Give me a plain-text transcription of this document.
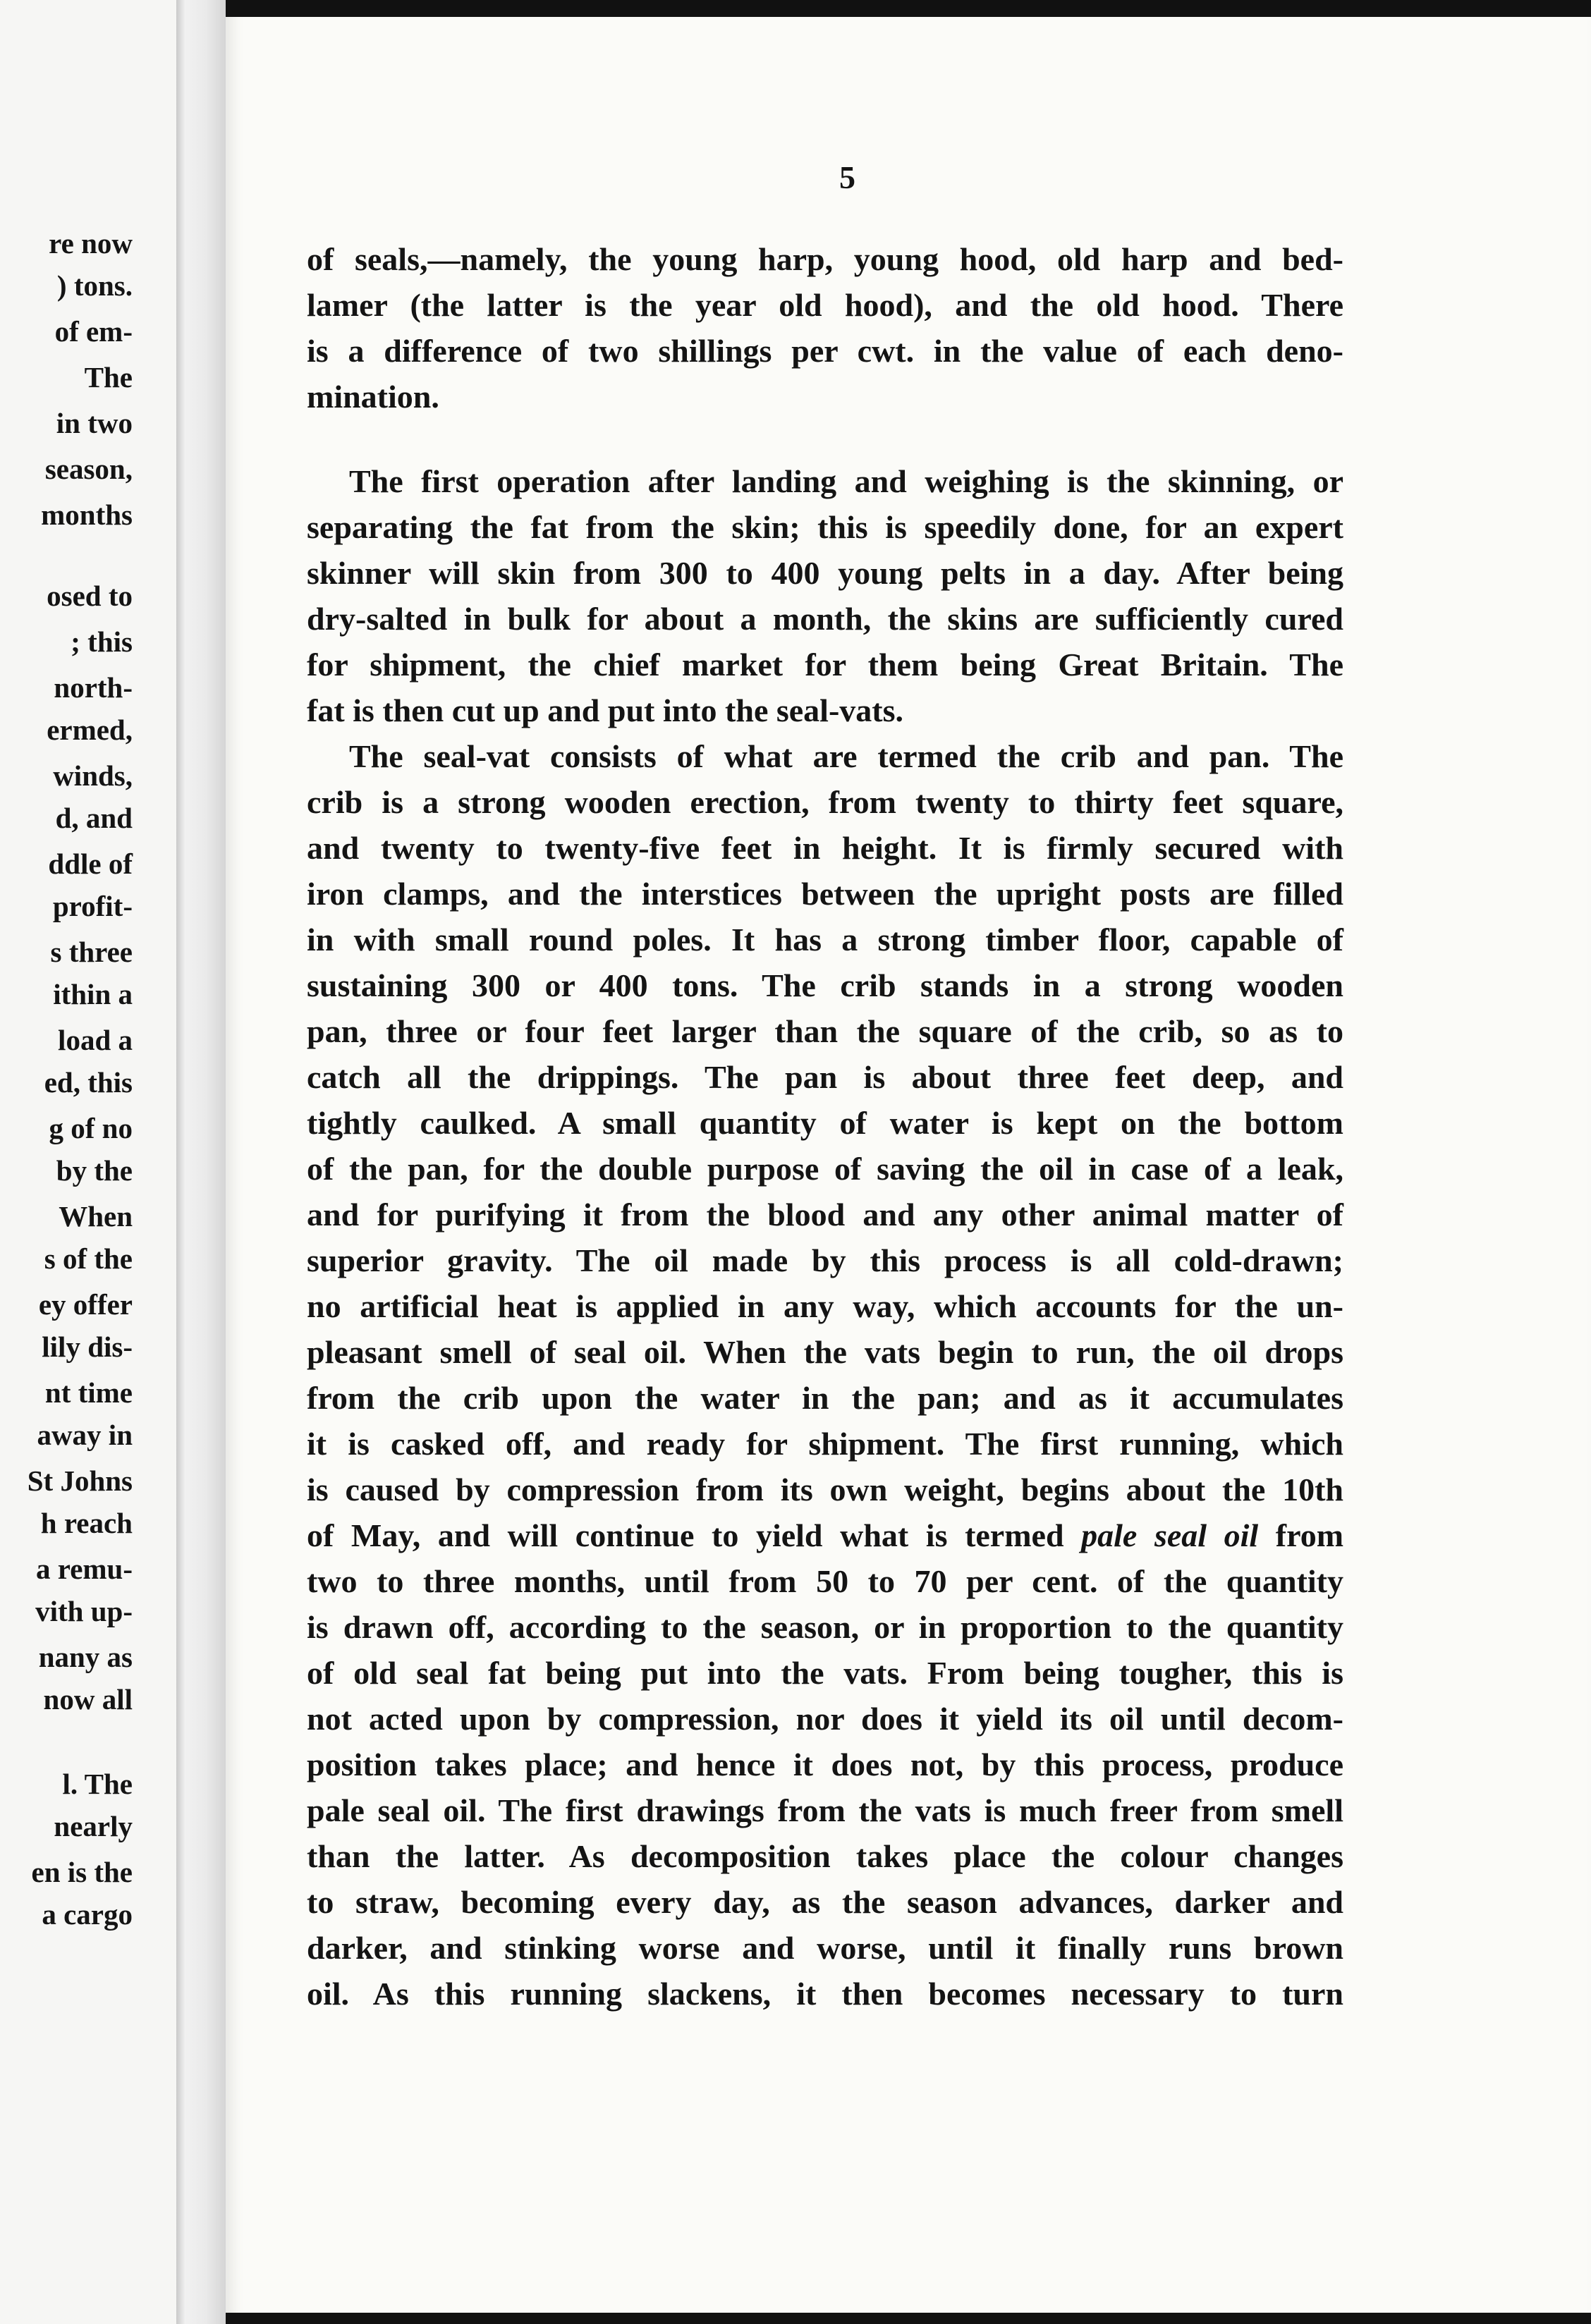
re now
) tons.
of em-
The
in two
season,
months
osed to
; this
north-
ermed,
winds,
d, and
ddle of
profit-
s three
ithin a
load a
ed, this
g of no
by the
When
s of the
ey offer
lily dis-
nt time
away in
St Johns
h reach
a remu-
vith up-
nany as
now all
l. The
nearly
en is the
a cargo
5
of seals,—namely, the young harp, young hood, old harp and bed-
lamer (the latter is the year old hood), and the old hood. There
is a difference of two shillings per cwt. in the value of each deno-
mination.
The first operation after landing and weighing is the skinning, or
separating the fat from the skin; this is speedily done, for an expert
skinner will skin from 300 to 400 young pelts in a day. After being
dry-salted in bulk for about a month, the skins are sufficiently cured
for shipment, the chief market for them being Great Britain. The
fat is then cut up and put into the seal-vats.
The seal-vat consists of what are termed the crib and pan. The
crib is a strong wooden erection, from twenty to thirty feet square,
and twenty to twenty-five feet in height. It is firmly secured with
iron clamps, and the interstices between the upright posts are filled
in with small round poles. It has a strong timber floor, capable of
sustaining 300 or 400 tons. The crib stands in a strong wooden
pan, three or four feet larger than the square of the crib, so as to
catch all the drippings. The pan is about three feet deep, and
tightly caulked. A small quantity of water is kept on the bottom
of the pan, for the double purpose of saving the oil in case of a leak,
and for purifying it from the blood and any other animal matter of
superior gravity. The oil made by this process is all cold-drawn;
no artificial heat is applied in any way, which accounts for the un-
pleasant smell of seal oil. When the vats begin to run, the oil drops
from the crib upon the water in the pan; and as it accumulates
it is casked off, and ready for shipment. The first running, which
is caused by compression from its own weight, begins about the 10th
of May, and will continue to yield what is termed pale seal oil from
two to three months, until from 50 to 70 per cent. of the quantity
is drawn off, according to the season, or in proportion to the quantity
of old seal fat being put into the vats. From being tougher, this is
not acted upon by compression, nor does it yield its oil until decom-
position takes place; and hence it does not, by this process, produce
pale seal oil. The first drawings from the vats is much freer from smell
than the latter. As decomposition takes place the colour changes
to straw, becoming every day, as the season advances, darker and
darker, and stinking worse and worse, until it finally runs brown
oil. As this running slackens, it then becomes necessary to turn
